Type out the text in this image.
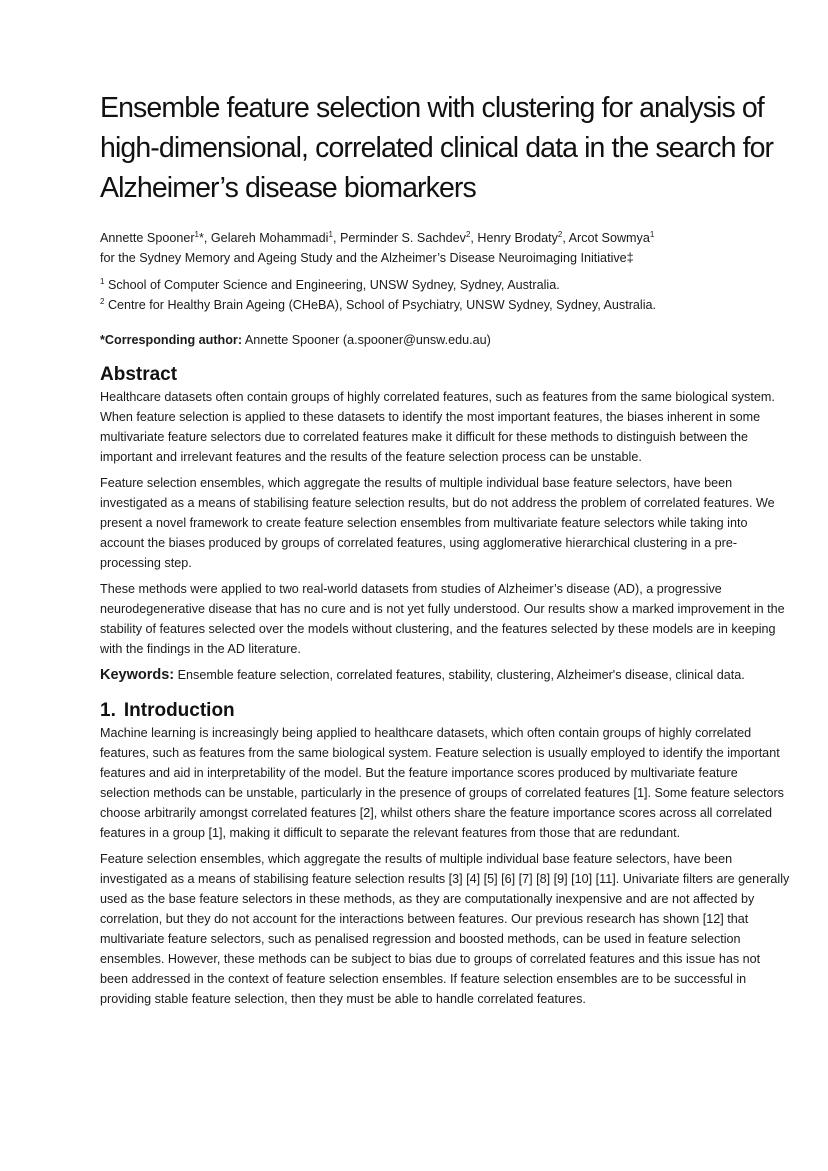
Ensemble feature selection with clustering for analysis of high-dimensional, correlated clinical data in the search for Alzheimer’s disease biomarkers
Annette Spooner$^1$*, Gelareh Mohammadi$^1$, Perminder S. Sachdev$^2$, Henry Brodaty$^2$, Arcot Sowmya$^1$
for the Sydney Memory and Ageing Study and the Alzheimer’s Disease Neuroimaging Initiative‡
$^1$ School of Computer Science and Engineering, UNSW Sydney, Sydney, Australia.
$^2$ Centre for Healthy Brain Ageing (CHeBA), School of Psychiatry, UNSW Sydney, Sydney, Australia.
*Corresponding author: Annette Spooner (a.spooner@unsw.edu.au)
Abstract

Healthcare datasets often contain groups of highly correlated features, such as features from the same biological system. When feature selection is applied to these datasets to identify the most important features, the biases inherent in some multivariate feature selectors due to correlated features make it difficult for these methods to distinguish between the important and irrelevant features and the results of the feature selection process can be unstable.

Feature selection ensembles, which aggregate the results of multiple individual base feature selectors, have been investigated as a means of stabilising feature selection results, but do not address the problem of correlated features. We present a novel framework to create feature selection ensembles from multivariate feature selectors while taking into account the biases produced by groups of correlated features, using agglomerative hierarchical clustering in a pre-processing step.

These methods were applied to two real-world datasets from studies of Alzheimer’s disease (AD), a progressive neurodegenerative disease that has no cure and is not yet fully understood. Our results show a marked improvement in the stability of features selected over the models without clustering, and the features selected by these models are in keeping with the findings in the AD literature.

Keywords: Ensemble feature selection, correlated features, stability, clustering, Alzheimer's disease, clinical data.

1. Introduction

Machine learning is increasingly being applied to healthcare datasets, which often contain groups of highly correlated features, such as features from the same biological system. Feature selection is usually employed to identify the important features and aid in interpretability of the model. But the feature importance scores produced by multivariate feature selection methods can be unstable, particularly in the presence of groups of correlated features [1]. Some feature selectors choose arbitrarily amongst correlated features [2], whilst others share the feature importance scores across all correlated features in a group [1], making it difficult to separate the relevant features from those that are redundant.

Feature selection ensembles, which aggregate the results of multiple individual base feature selectors, have been investigated as a means of stabilising feature selection results [3] [4] [5] [6] [7] [8] [9] [10] [11]. Univariate filters are generally used as the base feature selectors in these methods, as they are computationally inexpensive and are not affected by correlation, but they do not account for the interactions between features. Our previous research has shown [12] that multivariate feature selectors, such as penalised regression and boosted methods, can be used in feature selection ensembles. However, these methods can be subject to bias due to groups of correlated features and this issue has not been addressed in the context of feature selection ensembles. If feature selection ensembles are to be successful in providing stable feature selection, then they must be able to handle correlated features.
